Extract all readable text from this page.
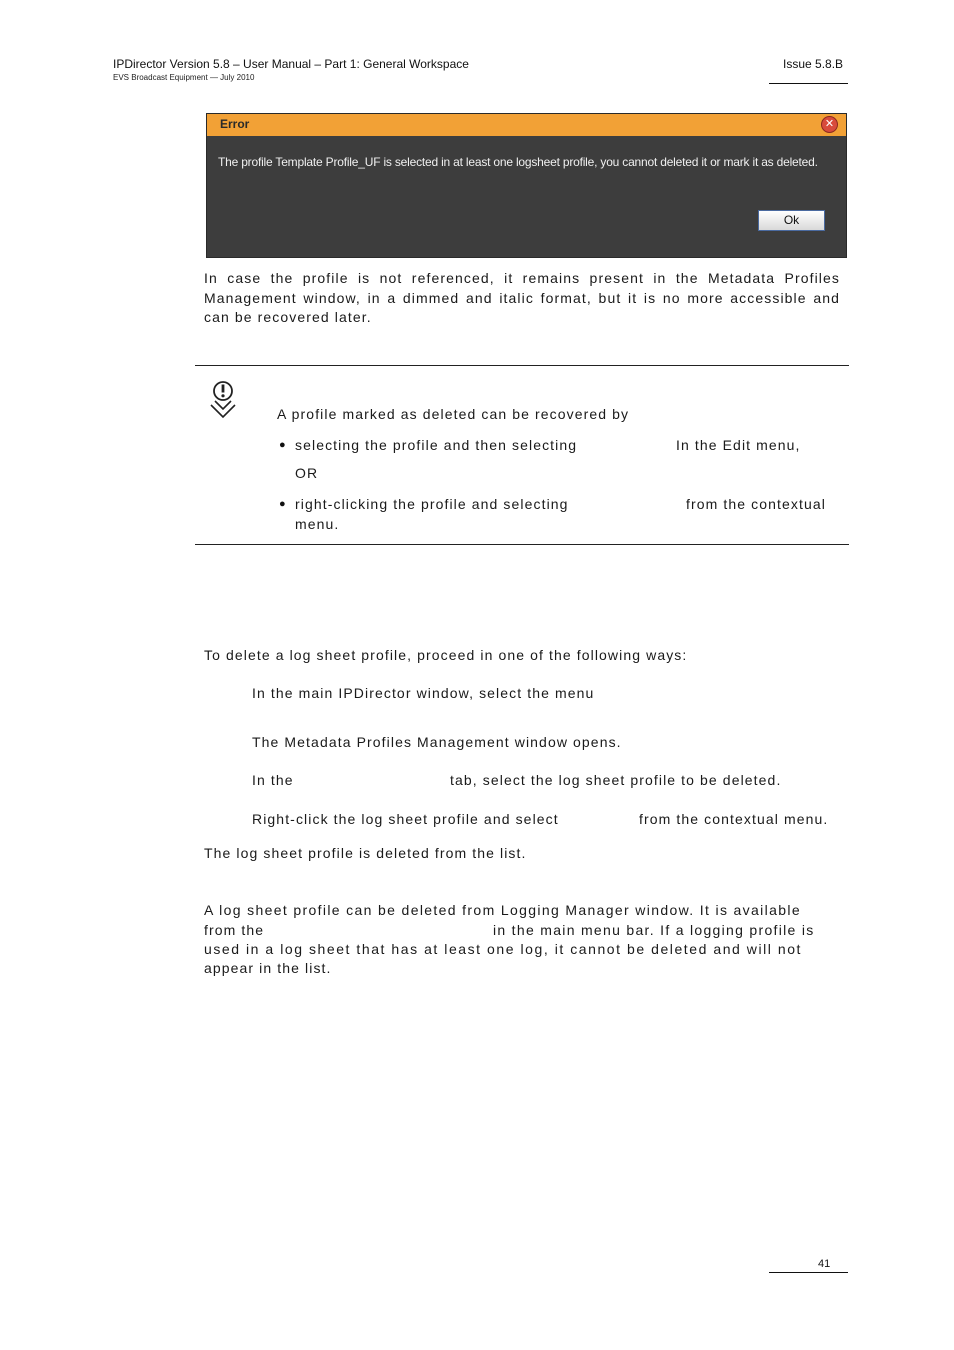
IPDirector Version 5.8 – User Manual – Part 1: General Workspace
EVS Broadcast Equipment — July 2010
Issue 5.8.B
Error	✕
The profile Template Profile_UF is selected in at least one logsheet profile, you cannot deleted it or mark it as deleted.
Ok
In case the profile is not referenced, it remains present in the Metadata Profiles Management window, in a dimmed and italic format, but it is no more accessible and can be recovered later.
A profile marked as deleted can be recovered by
● selecting the profile and then selecting	In the Edit menu,
OR
● right-clicking the profile and selecting	from the contextual
menu.
To delete a log sheet profile, proceed in one of the following ways:
In the main IPDirector window, select the menu
The Metadata Profiles Management window opens.
In the	tab, select the log sheet profile to be deleted.
Right-click the log sheet profile and select	from the contextual menu.
The log sheet profile is deleted from the list.
A log sheet profile can be deleted from Logging Manager window. It is available
from the	in the main menu bar. If a logging profile is
used in a log sheet that has at least one log, it cannot be deleted and will not
appear in the list.
41
